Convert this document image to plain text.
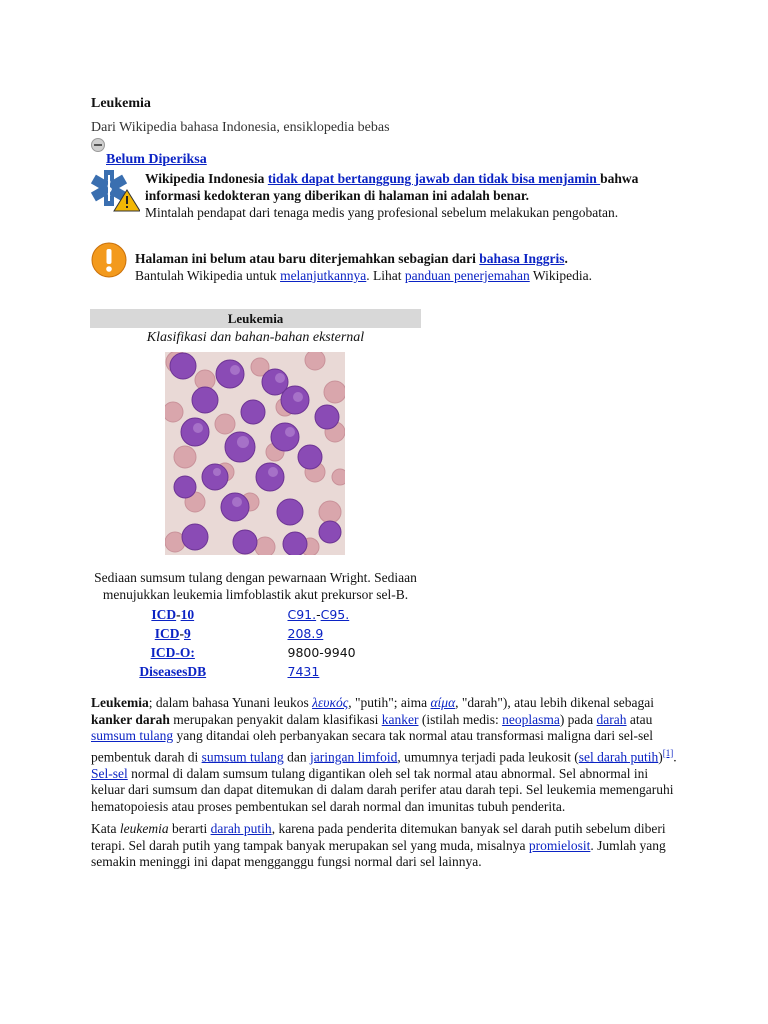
Leukemia
Dari Wikipedia bahasa Indonesia, ensiklopedia bebas
Belum Diperiksa
Wikipedia Indonesia tidak dapat bertanggung jawab dan tidak bisa menjamin bahwa informasi kedokteran yang diberikan di halaman ini adalah benar.
Mintalah pendapat dari tenaga medis yang profesional sebelum melakukan pengobatan.
Halaman ini belum atau baru diterjemahkan sebagian dari bahasa Inggris.
Bantulah Wikipedia untuk melanjutkannya. Lihat panduan penerjemahan Wikipedia.
Leukemia
Klasifikasi dan bahan-bahan eksternal
Sediaan sumsum tulang dengan pewarnaan Wright. Sediaan menujukkan leukemia limfoblastik akut prekursor sel-B.
ICD-10	C91.-C95.
ICD-9	208.9
ICD-O:	9800-9940
DiseasesDB	7431

Leukemia; dalam bahasa Yunani leukos λευκός, "putih"; aima αίμα, "darah"), atau lebih dikenal sebagai kanker darah merupakan penyakit dalam klasifikasi kanker (istilah medis: neoplasma) pada darah atau sumsum tulang yang ditandai oleh perbanyakan secara tak normal atau transformasi maligna dari sel-sel pembentuk darah di sumsum tulang dan jaringan limfoid, umumnya terjadi pada leukosit (sel darah putih)[1]. Sel-sel normal di dalam sumsum tulang digantikan oleh sel tak normal atau abnormal. Sel abnormal ini keluar dari sumsum dan dapat ditemukan di dalam darah perifer atau darah tepi. Sel leukemia memengaruhi hematopoiesis atau proses pembentukan sel darah normal dan imunitas tubuh penderita.

Kata leukemia berarti darah putih, karena pada penderita ditemukan banyak sel darah putih sebelum diberi terapi. Sel darah putih yang tampak banyak merupakan sel yang muda, misalnya promielosit. Jumlah yang semakin meninggi ini dapat mengganggu fungsi normal dari sel lainnya.
